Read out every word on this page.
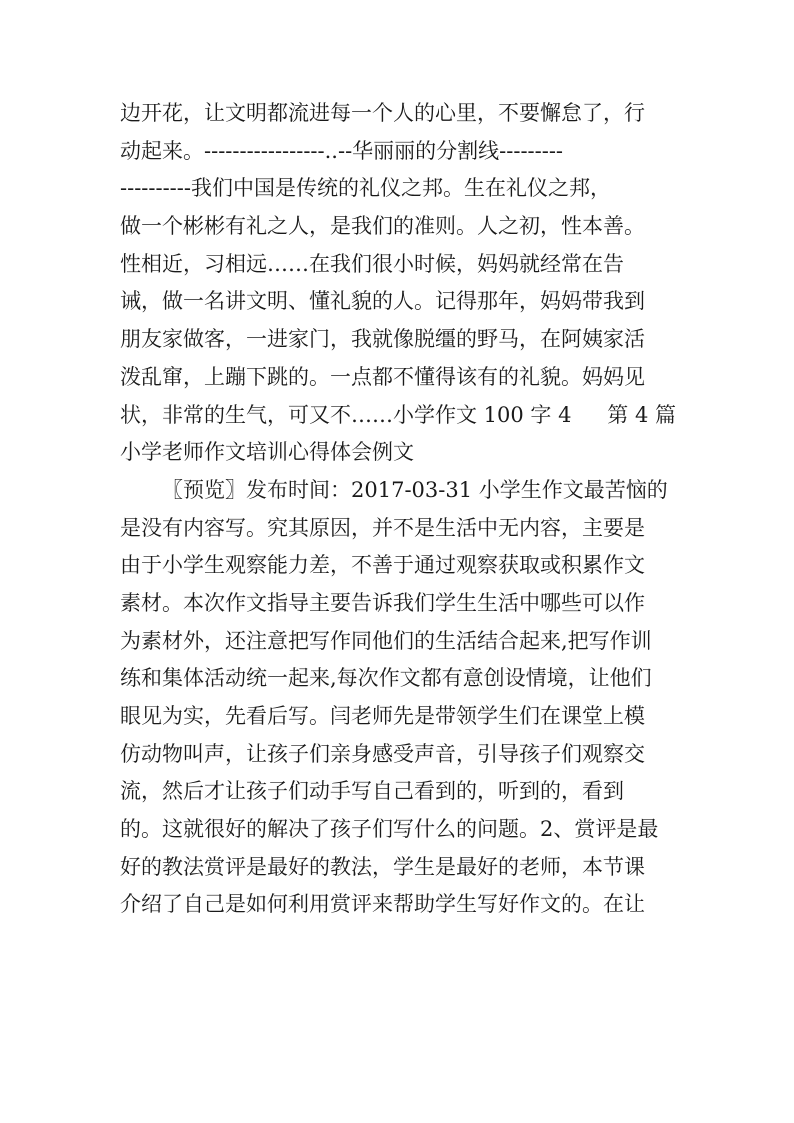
边开花，让文明都流进每一个人的心里，不要懈怠了，行
动起来。-----------------..--华丽丽的分割线---------
----------我们中国是传统的礼仪之邦。生在礼仪之邦，
做一个彬彬有礼之人，是我们的准则。人之初，性本善。
性相近，习相远……在我们很小时候，妈妈就经常在告
诫，做一名讲文明、懂礼貌的人。记得那年，妈妈带我到
朋友家做客，一进家门，我就像脱缰的野马，在阿姨家活
泼乱窜，上蹦下跳的。一点都不懂得该有的礼貌。妈妈见
状，非常的生气，可又不……小学作文 100 字 4 第 4 篇
小学老师作文培训心得体会例文
〖预览〗发布时间：2017-03-31 小学生作文最苦恼的
是没有内容写。究其原因，并不是生活中无内容，主要是
由于小学生观察能力差，不善于通过观察获取或积累作文
素材。本次作文指导主要告诉我们学生生活中哪些可以作
为素材外，还注意把写作同他们的生活结合起来,把写作训
练和集体活动统一起来,每次作文都有意创设情境，让他们
眼见为实，先看后写。闫老师先是带领学生们在课堂上模
仿动物叫声，让孩子们亲身感受声音，引导孩子们观察交
流，然后才让孩子们动手写自己看到的，听到的，看到
的。这就很好的解决了孩子们写什么的问题。2、赏评是最
好的教法赏评是最好的教法，学生是最好的老师，本节课
介绍了自己是如何利用赏评来帮助学生写好作文的。在让
